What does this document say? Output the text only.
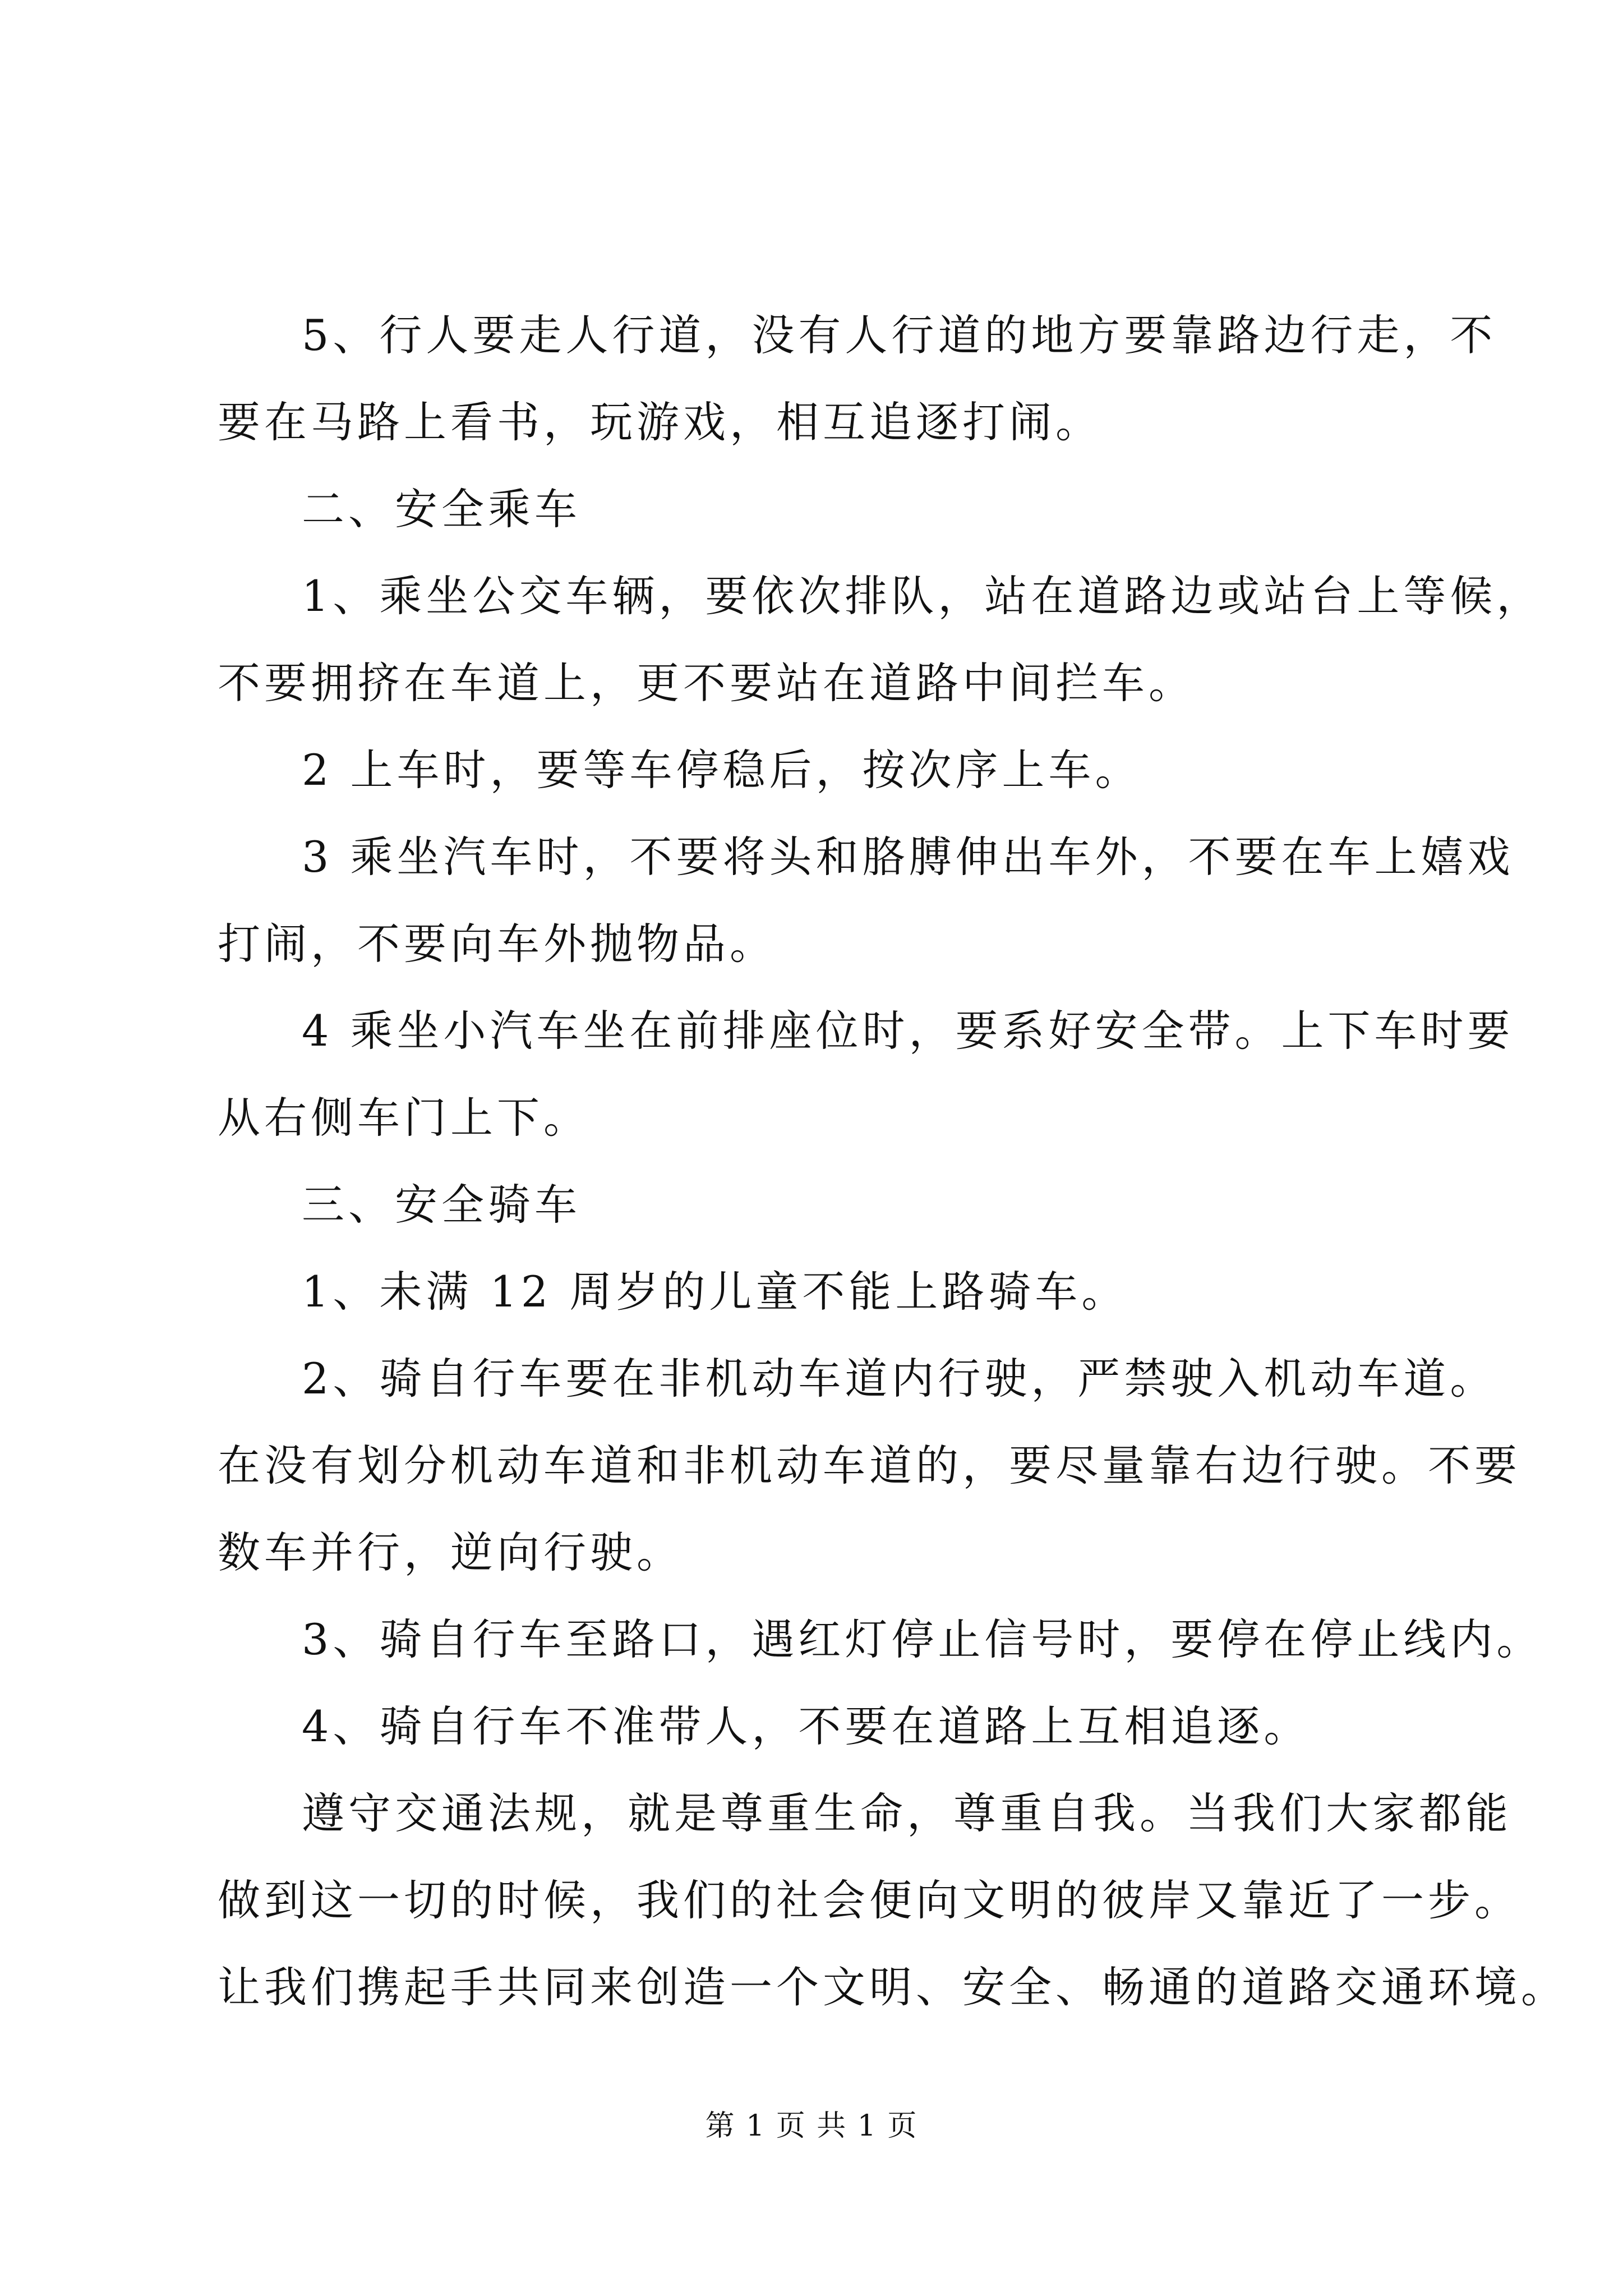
5、行人要走人行道，没有人行道的地方要靠路边行走，不

要在马路上看书，玩游戏，相互追逐打闹。

二、安全乘车

1、乘坐公交车辆，要依次排队，站在道路边或站台上等候，

不要拥挤在车道上，更不要站在道路中间拦车。

2 上车时，要等车停稳后，按次序上车。

3 乘坐汽车时，不要将头和胳膊伸出车外，不要在车上嬉戏

打闹，不要向车外抛物品。

4 乘坐小汽车坐在前排座位时，要系好安全带。上下车时要

从右侧车门上下。

三、安全骑车

1、未满 12 周岁的儿童不能上路骑车。

2、骑自行车要在非机动车道内行驶，严禁驶入机动车道。

在没有划分机动车道和非机动车道的，要尽量靠右边行驶。不要

数车并行，逆向行驶。

3、骑自行车至路口，遇红灯停止信号时，要停在停止线内。

4、骑自行车不准带人，不要在道路上互相追逐。

遵守交通法规，就是尊重生命，尊重自我。当我们大家都能

做到这一切的时候，我们的社会便向文明的彼岸又靠近了一步。

让我们携起手共同来创造一个文明、安全、畅通的道路交通环境。

第 1 页 共 1 页
